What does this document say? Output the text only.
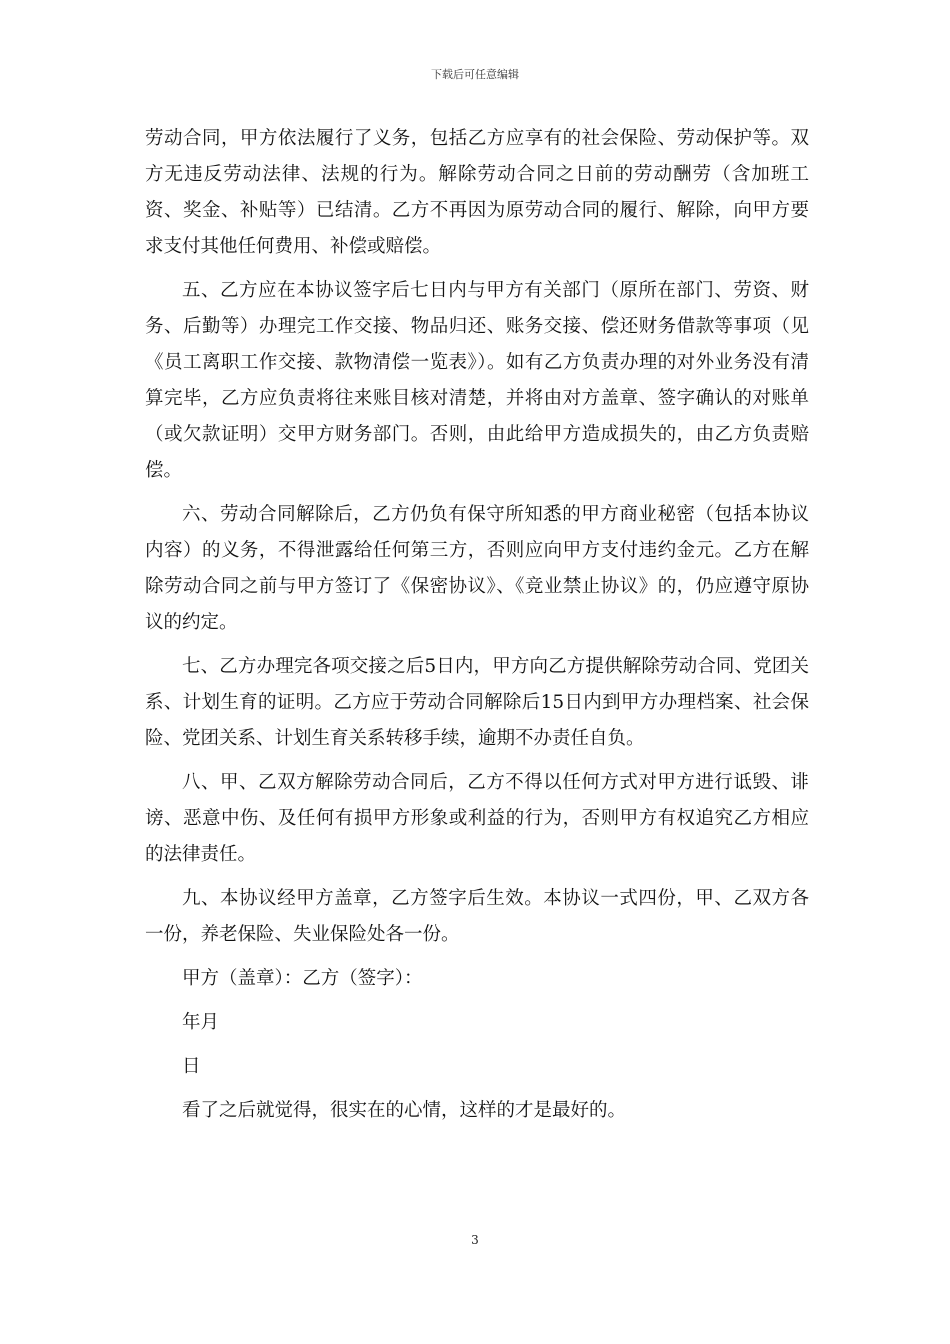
下载后可任意编辑

劳动合同，甲方依法履行了义务，包括乙方应享有的社会保险、劳动保护等。双方无违反劳动法律、法规的行为。解除劳动合同之日前的劳动酬劳（含加班工资、奖金、补贴等）已结清。乙方不再因为原劳动合同的履行、解除，向甲方要求支付其他任何费用、补偿或赔偿。

五、乙方应在本协议签字后七日内与甲方有关部门（原所在部门、劳资、财务、后勤等）办理完工作交接、物品归还、账务交接、偿还财务借款等事项（见《员工离职工作交接、款物清偿一览表》）。如有乙方负责办理的对外业务没有清算完毕，乙方应负责将往来账目核对清楚，并将由对方盖章、签字确认的对账单（或欠款证明）交甲方财务部门。否则，由此给甲方造成损失的，由乙方负责赔偿。

六、劳动合同解除后，乙方仍负有保守所知悉的甲方商业秘密（包括本协议内容）的义务，不得泄露给任何第三方，否则应向甲方支付违约金元。乙方在解除劳动合同之前与甲方签订了《保密协议》、《竞业禁止协议》的，仍应遵守原协议的约定。

七、乙方办理完各项交接之后5日内，甲方向乙方提供解除劳动合同、党团关系、计划生育的证明。乙方应于劳动合同解除后15日内到甲方办理档案、社会保险、党团关系、计划生育关系转移手续，逾期不办责任自负。

八、甲、乙双方解除劳动合同后，乙方不得以任何方式对甲方进行诋毁、诽谤、恶意中伤、及任何有损甲方形象或利益的行为，否则甲方有权追究乙方相应的法律责任。

九、本协议经甲方盖章，乙方签字后生效。本协议一式四份，甲、乙双方各一份，养老保险、失业保险处各一份。

甲方（盖章）：乙方（签字）：

年月

日

看了之后就觉得，很实在的心情，这样的才是最好的。

3
